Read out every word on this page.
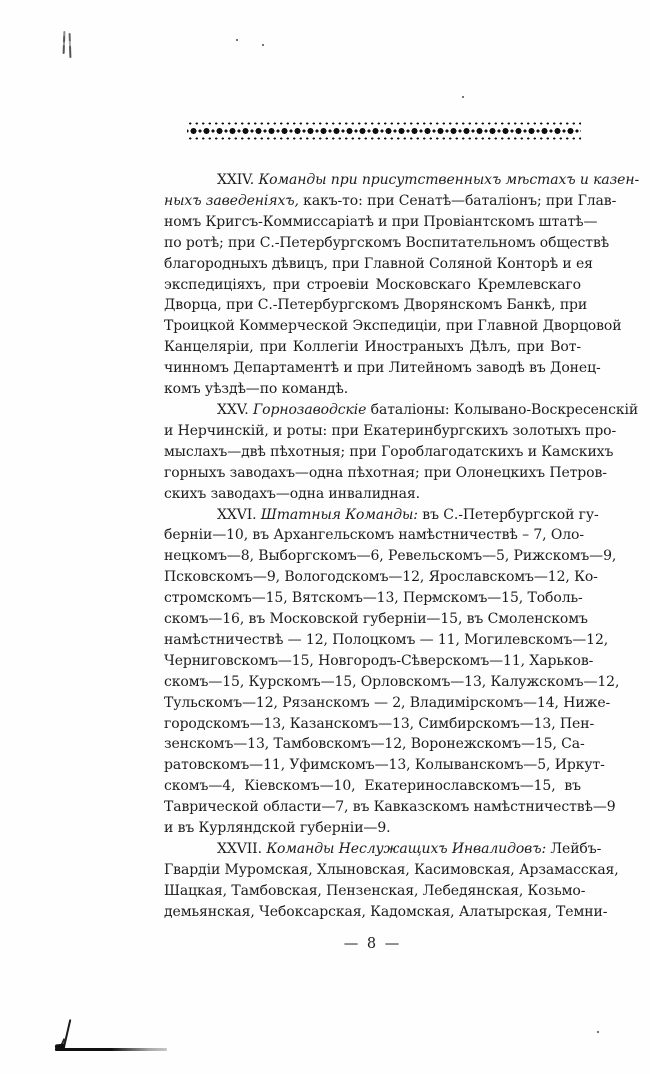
XXIV. Команды при присутственныхъ мѣстахъ и казен-
ныхъ заведеніяхъ, какъ-то: при Сенатѣ—баталіонъ; при Глав-
номъ Кригсъ-Коммиссаріатѣ и при Провіантскомъ штатѣ—
по ротѣ; при С.-Петербургскомъ Воспитательномъ обществѣ
благородныхъ дѣвицъ, при Главной Соляной Конторѣ и ея
экспедиціяхъ, при строевіи Московскаго Кремлевскаго
Дворца, при С.-Петербургскомъ Дворянскомъ Банкѣ, при
Троицкой Коммерческой Экспедиціи, при Главной Дворцовой
Канцеляріи, при Коллегіи Иностраныхъ Дѣлъ, при Вот-
чинномъ Департаментѣ и при Литейномъ заводѣ въ Донец-
комъ уѣздѣ—по командѣ.
XXV. Горнозаводскіе баталіоны: Колывано-Воскресенскій
и Нерчинскій, и роты: при Екатеринбургскихъ золотыхъ про-
мыслахъ—двѣ пѣхотныя; при Гороблагодатскихъ и Камскихъ
горныхъ заводахъ—одна пѣхотная; при Олонецкихъ Петров-
скихъ заводахъ—одна инвалидная.
XXVI. Штатныя Команды: въ С.-Петербургской гу-
берніи—10, въ Архангельскомъ намѣстничествѣ – 7, Оло-
нецкомъ—8, Выборгскомъ—6, Ревельскомъ—5, Рижскомъ—9,
Псковскомъ—9, Вологодскомъ—12, Ярославскомъ—12, Ко-
стромскомъ—15, Вятскомъ—13, Пермскомъ—15, Тоболь-
скомъ—16, въ Московской губерніи—15, въ Смоленскомъ
намѣстничествѣ — 12, Полоцкомъ — 11, Могилевскомъ—12,
Черниговскомъ—15, Новгородъ-Сѣверскомъ—11, Харьков-
скомъ—15, Курскомъ—15, Орловскомъ—13, Калужскомъ—12,
Тульскомъ—12, Рязанскомъ — 2, Владимірскомъ—14, Ниже-
городскомъ—13, Казанскомъ—13, Симбирскомъ—13, Пен-
зенскомъ—13, Тамбовскомъ—12, Воронежскомъ—15, Са-
ратовскомъ—11, Уфимскомъ—13, Колыванскомъ—5, Иркут-
скомъ—4, Кіевскомъ—10, Екатеринославскомъ—15, въ
Таврической области—7, въ Кавказскомъ намѣстничествѣ—9
и въ Курляндской губерніи—9.
XXVII. Команды Неслужащихъ Инвалидовъ: Лейбъ-
Гвардіи Муромская, Хлыновская, Касимовская, Арзамасская,
Шацкая, Тамбовская, Пензенская, Лебедянская, Козьмо-
демьянская, Чебоксарская, Кадомская, Алатырская, Темни-
— 8 —
